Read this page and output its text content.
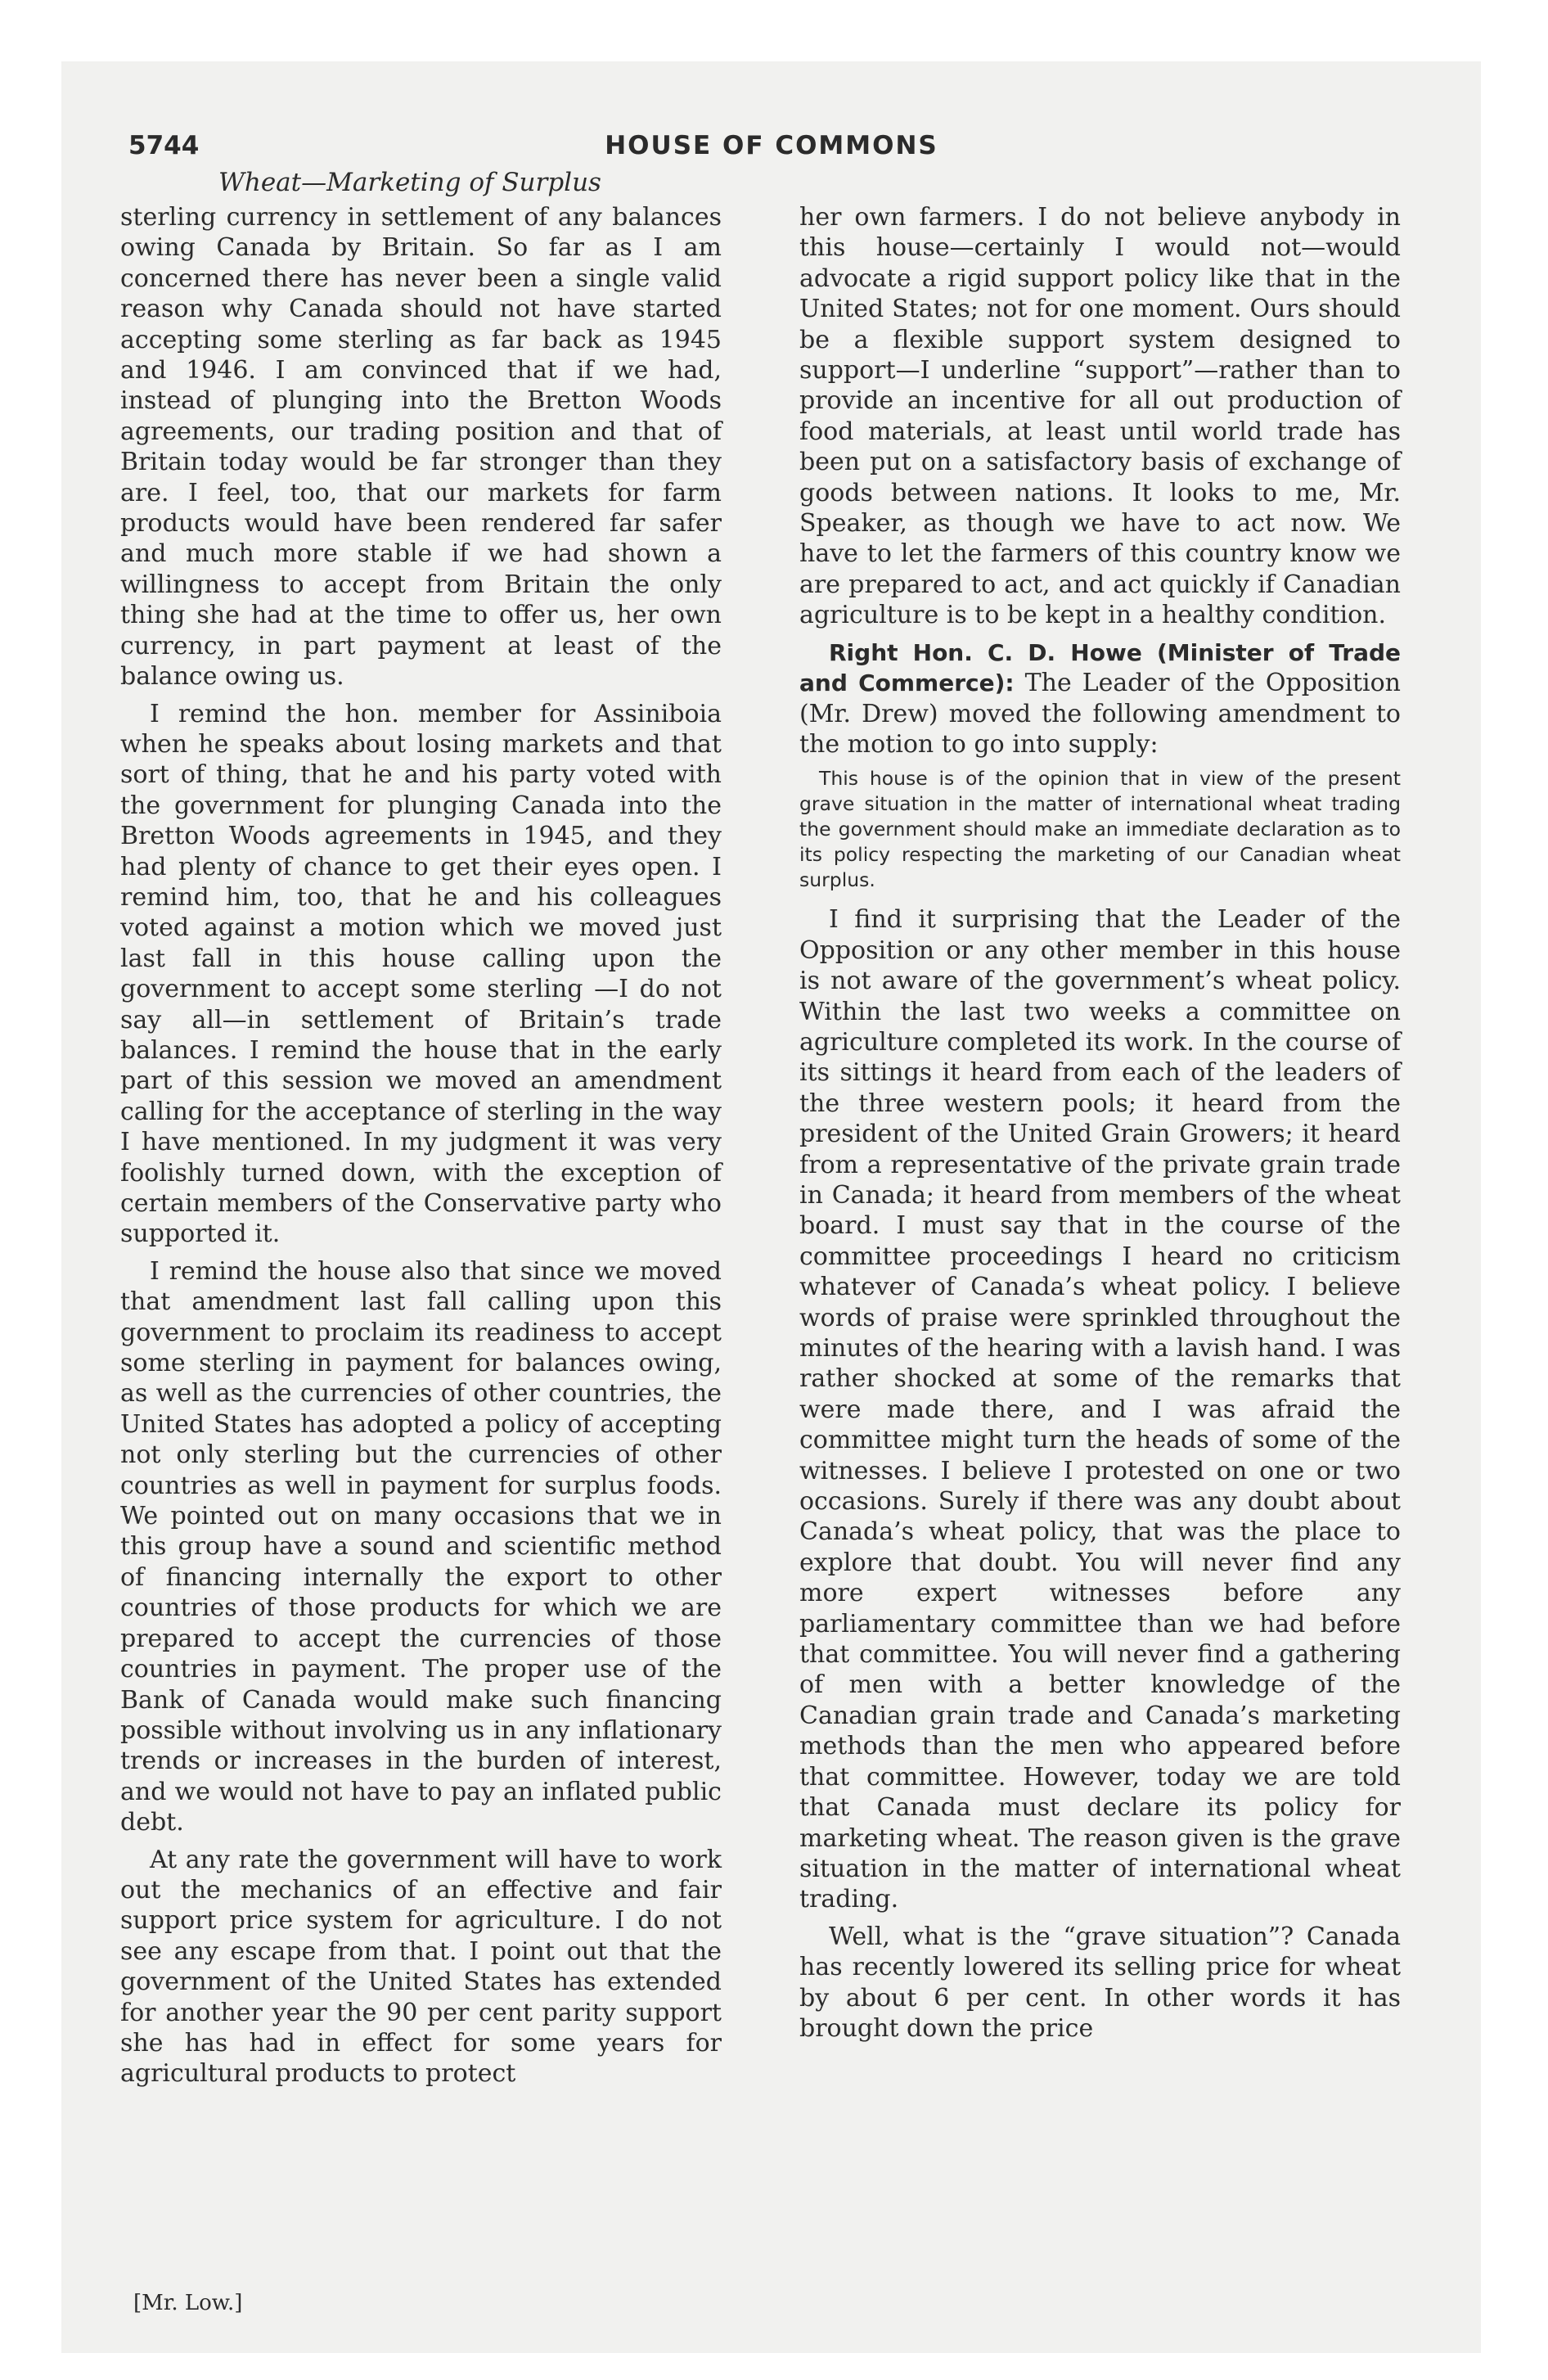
5744	HOUSE OF COMMONS
Wheat—Marketing of Surplus

sterling currency in settlement of any balances owing Canada by Britain. So far as I am concerned there has never been a single valid reason why Canada should not have started accepting some sterling as far back as 1945 and 1946. I am convinced that if we had, instead of plunging into the Bretton Woods agreements, our trading position and that of Britain today would be far stronger than they are. I feel, too, that our markets for farm products would have been rendered far safer and much more stable if we had shown a willingness to accept from Britain the only thing she had at the time to offer us, her own currency, in part payment at least of the balance owing us.

I remind the hon. member for Assiniboia when he speaks about losing markets and that sort of thing, that he and his party voted with the government for plunging Canada into the Bretton Woods agreements in 1945, and they had plenty of chance to get their eyes open. I remind him, too, that he and his colleagues voted against a motion which we moved just last fall in this house calling upon the government to accept some sterling —I do not say all—in settlement of Britain’s trade balances. I remind the house that in the early part of this session we moved an amendment calling for the acceptance of sterling in the way I have mentioned. In my judgment it was very foolishly turned down, with the exception of certain members of the Conservative party who supported it.

I remind the house also that since we moved that amendment last fall calling upon this government to proclaim its readiness to accept some sterling in payment for balances owing, as well as the currencies of other countries, the United States has adopted a policy of accepting not only sterling but the currencies of other countries as well in payment for surplus foods. We pointed out on many occasions that we in this group have a sound and scientific method of financing internally the export to other countries of those products for which we are prepared to accept the currencies of those countries in payment. The proper use of the Bank of Canada would make such financing possible without involving us in any inflationary trends or increases in the burden of interest, and we would not have to pay an inflated public debt.

At any rate the government will have to work out the mechanics of an effective and fair support price system for agriculture. I do not see any escape from that. I point out that the government of the United States has extended for another year the 90 per cent parity support she has had in effect for some years for agricultural products to protect

her own farmers. I do not believe anybody in this house—certainly I would not—would advocate a rigid support policy like that in the United States; not for one moment. Ours should be a flexible support system designed to support—I underline “support”—rather than to provide an incentive for all out production of food materials, at least until world trade has been put on a satisfactory basis of exchange of goods between nations. It looks to me, Mr. Speaker, as though we have to act now. We have to let the farmers of this country know we are prepared to act, and act quickly if Canadian agriculture is to be kept in a healthy condition.

Right Hon. C. D. Howe (Minister of Trade and Commerce): The Leader of the Opposition (Mr. Drew) moved the following amendment to the motion to go into supply:

This house is of the opinion that in view of the present grave situation in the matter of international wheat trading the government should make an immediate declaration as to its policy respecting the marketing of our Canadian wheat surplus.

I find it surprising that the Leader of the Opposition or any other member in this house is not aware of the government’s wheat policy. Within the last two weeks a committee on agriculture completed its work. In the course of its sittings it heard from each of the leaders of the three western pools; it heard from the president of the United Grain Growers; it heard from a representative of the private grain trade in Canada; it heard from members of the wheat board. I must say that in the course of the committee proceedings I heard no criticism whatever of Canada’s wheat policy. I believe words of praise were sprinkled throughout the minutes of the hearing with a lavish hand. I was rather shocked at some of the remarks that were made there, and I was afraid the committee might turn the heads of some of the witnesses. I believe I protested on one or two occasions. Surely if there was any doubt about Canada’s wheat policy, that was the place to explore that doubt. You will never find any more expert witnesses before any parliamentary committee than we had before that committee. You will never find a gathering of men with a better knowledge of the Canadian grain trade and Canada’s marketing methods than the men who appeared before that committee. However, today we are told that Canada must declare its policy for marketing wheat. The reason given is the grave situation in the matter of international wheat trading.

Well, what is the “grave situation”? Canada has recently lowered its selling price for wheat by about 6 per cent. In other words it has brought down the price

[Mr. Low.]
